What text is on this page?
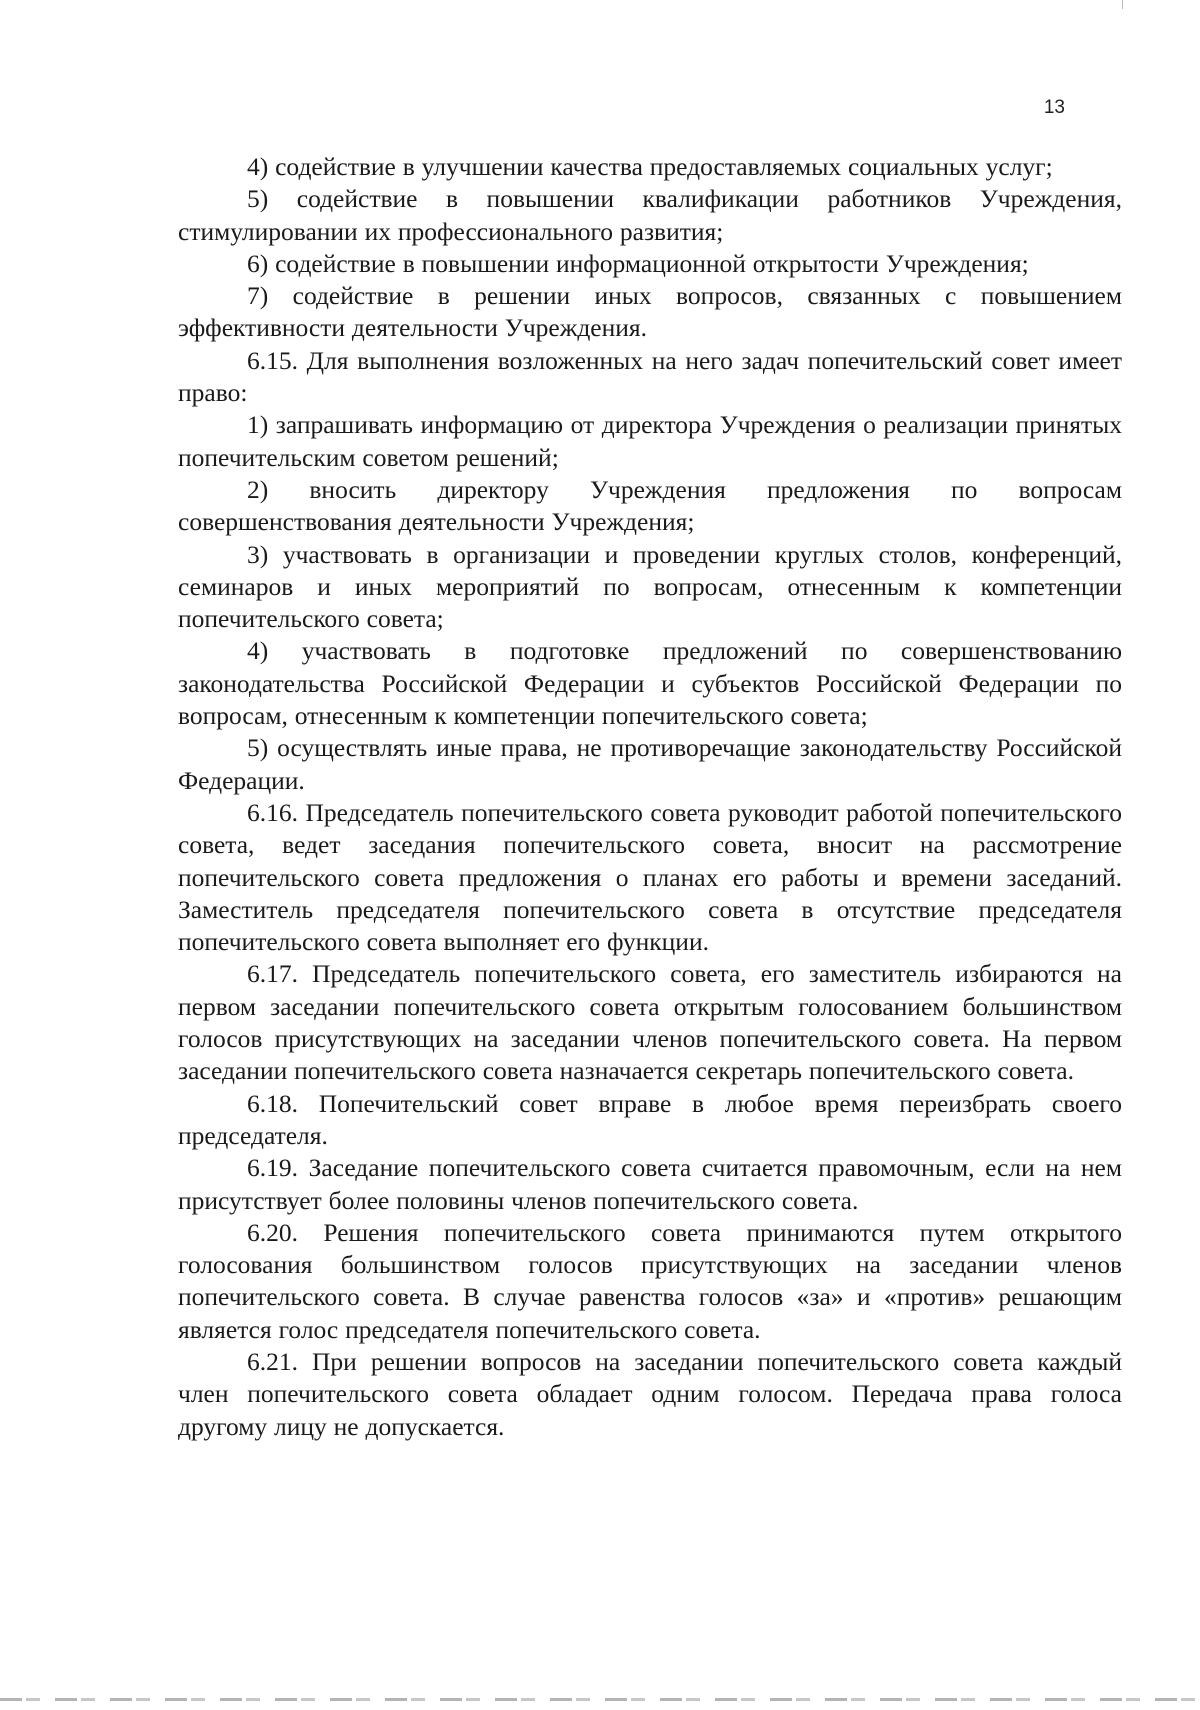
13

4) содействие в улучшении качества предоставляемых социальных услуг;

5) содействие в повышении квалификации работников Учреждения, стимулировании их профессионального развития;

6) содействие в повышении информационной открытости Учреждения;

7) содействие в решении иных вопросов, связанных с повышением эффективности деятельности Учреждения.

6.15. Для выполнения возложенных на него задач попечительский совет имеет право:

1) запрашивать информацию от директора Учреждения о реализации принятых попечительским советом решений;

2) вносить директору Учреждения предложения по вопросам совершенствования деятельности Учреждения;

3) участвовать в организации и проведении круглых столов, конференций, семинаров и иных мероприятий по вопросам, отнесенным к компетенции попечительского совета;

4) участвовать в подготовке предложений по совершенствованию законодательства Российской Федерации и субъектов Российской Федерации по вопросам, отнесенным к компетенции попечительского совета;

5) осуществлять иные права, не противоречащие законодательству Российской Федерации.

6.16. Председатель попечительского совета руководит работой попечительского совета, ведет заседания попечительского совета, вносит на рассмотрение попечительского совета предложения о планах его работы и времени заседаний. Заместитель председателя попечительского совета в отсутствие председателя попечительского совета выполняет его функции.

6.17. Председатель попечительского совета, его заместитель избираются на первом заседании попечительского совета открытым голосованием большинством голосов присутствующих на заседании членов попечительского совета. На первом заседании попечительского совета назначается секретарь попечительского совета.

6.18. Попечительский совет вправе в любое время переизбрать своего председателя.

6.19. Заседание попечительского совета считается правомочным, если на нем присутствует более половины членов попечительского совета.

6.20. Решения попечительского совета принимаются путем открытого голосования большинством голосов присутствующих на заседании членов попечительского совета. В случае равенства голосов «за» и «против» решающим является голос председателя попечительского совета.

6.21. При решении вопросов на заседании попечительского совета каждый член попечительского совета обладает одним голосом. Передача права голоса другому лицу не допускается.
